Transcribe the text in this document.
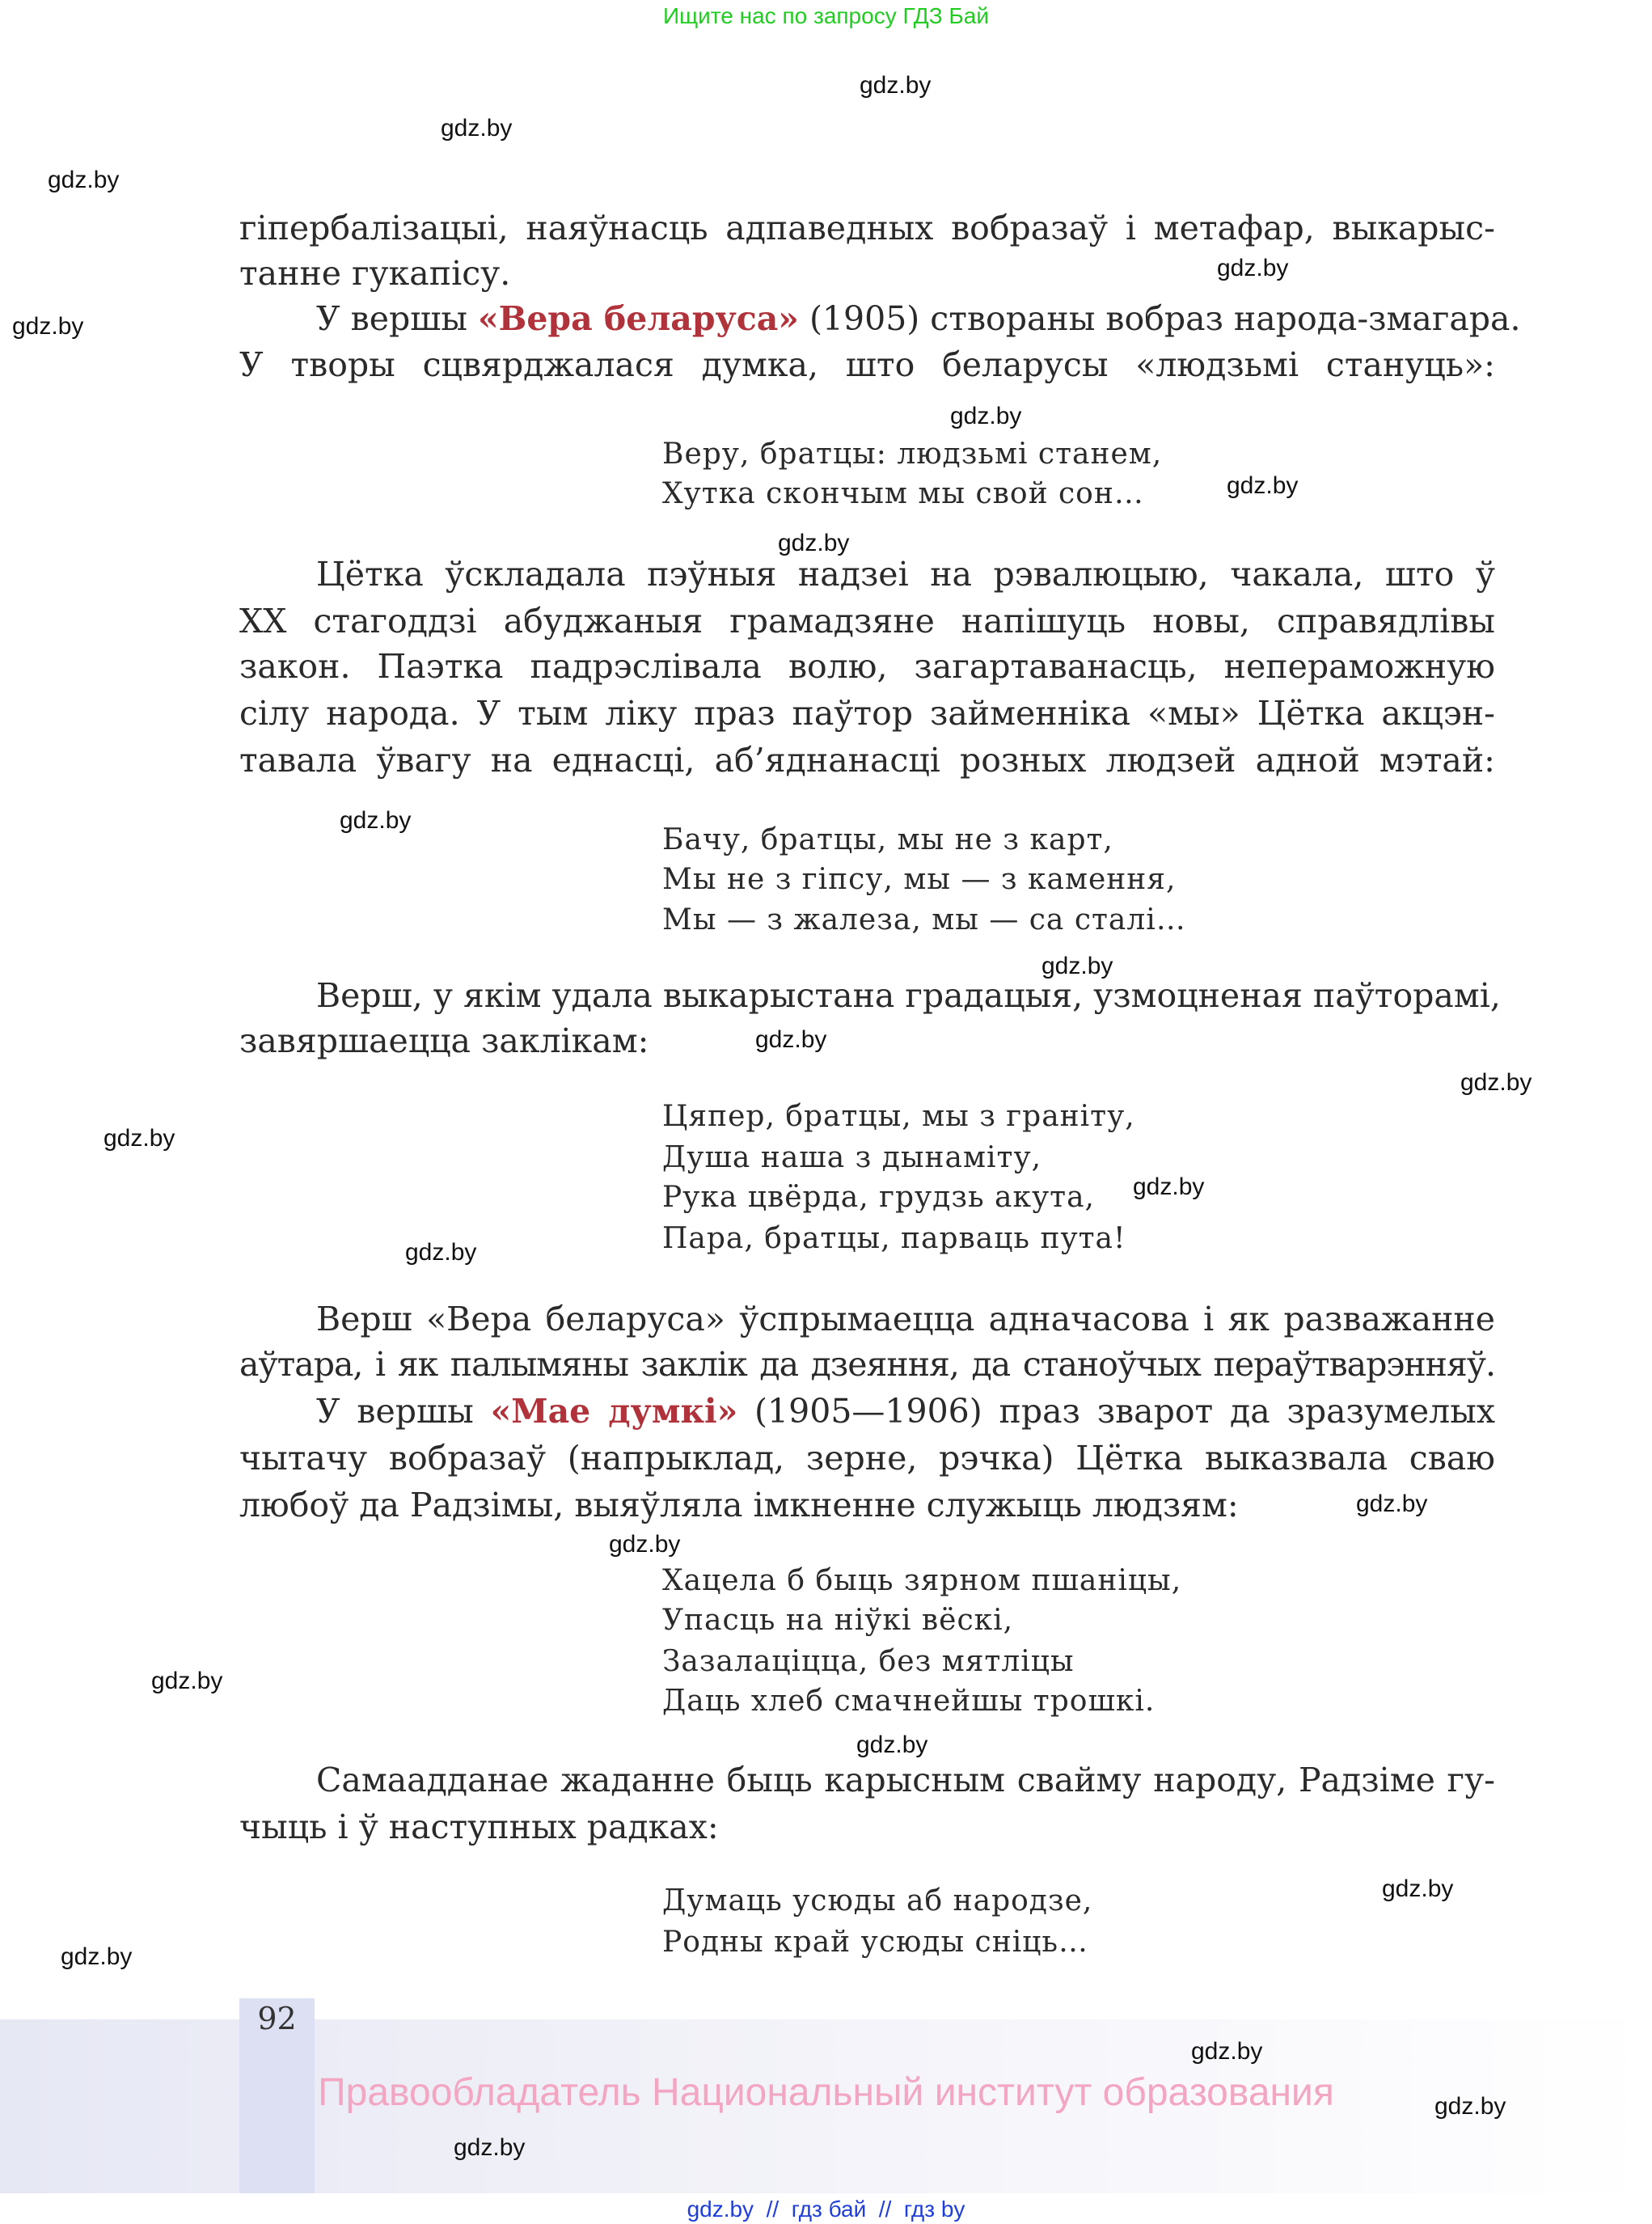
Ищите нас по запросу ГДЗ Бай
гіпербалізацыі, наяўнасць адпаведных вобразаў і метафар, выкарыс-
танне гукапісу.
У вершы «Вера беларуса» (1905) створаны вобраз народа-змагара.
У творы сцвярджалася думка, што беларусы «людзьмі стануць»:
Веру, братцы: людзьмі станем,
Хутка скончым мы свой сон…
Цётка ўскладала пэўныя надзеі на рэвалюцыю, чакала, што ў
ХХ стагоддзі абуджаныя грамадзяне напішуць новы, справядлівы
закон. Паэтка падрэслівала волю, загартаванасць, непераможную
сілу народа. У тым ліку праз паўтор займенніка «мы» Цётка акцэн-
тавала ўвагу на еднасці, аб’яднанасці розных людзей адной мэтай:
Бачу, братцы, мы не з карт,
Мы не з гіпсу, мы — з камення,
Мы — з жалеза, мы — са сталі…
Верш, у якім удала выкарыстана градацыя, узмоцненая паўторамі,
завяршаецца заклікам:
Цяпер, братцы, мы з граніту,
Душа наша з дынаміту,
Рука цвёрда, грудзь акута,
Пара, братцы, парваць пута!
Верш «Вера беларуса» ўспрымаецца адначасова і як разважанне
аўтара, і як палымяны заклік да дзеяння, да станоўчых пераўтварэнняў.
У вершы «Мае думкі» (1905—1906) праз зварот да зразумелых
чытачу вобразаў (напрыклад, зерне, рэчка) Цётка выказвала сваю
любоў да Радзімы, выяўляла імкненне служыць людзям:
Хацела б быць зярном пшаніцы,
Упасць на ніўкі вёскі,
Зазалаціцца, без мятліцы
Даць хлеб смачнейшы трошкі.
Самаадданае жаданне быць карысным свайму народу, Радзіме гу-
чыць і ў наступных радках:
Думаць усюды аб народзе,
Родны край усюды сніць…
gdz.by
gdz.by
gdz.by
gdz.by
gdz.by
gdz.by
gdz.by
gdz.by
gdz.by
gdz.by
gdz.by
gdz.by
gdz.by
gdz.by
gdz.by
gdz.by
gdz.by
gdz.by
gdz.by
gdz.by
gdz.by
gdz.by
gdz.by
gdz.by
92
Правообладатель Национальный институт образования
gdz.by  //  гдз бай  //  гдз by
